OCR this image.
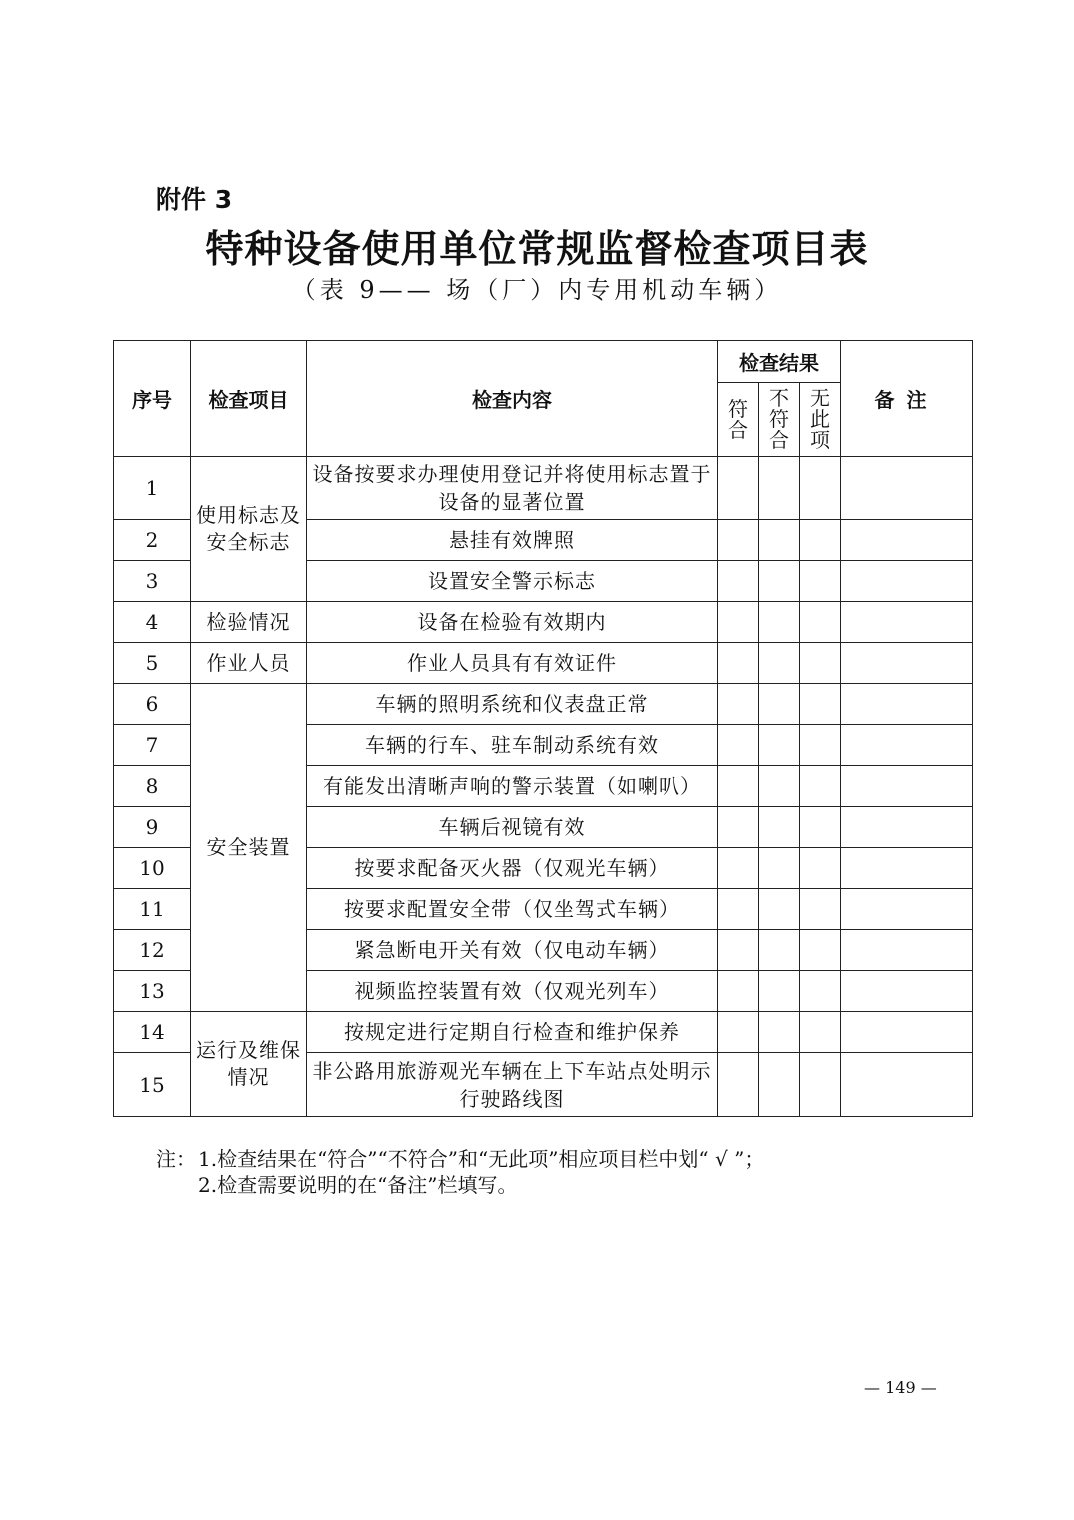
附件 3
特种设备使用单位常规监督检查项目表
（表 9—— 场（厂）内专用机动车辆）
序号	检查项目	检查内容	检查结果			备注
			符合	不符合	无此项	
1	使用标志及安全标志	设备按要求办理使用登记并将使用标志置于设备的显著位置				
2		悬挂有效牌照				
3		设置安全警示标志				
4	检验情况	设备在检验有效期内				
5	作业人员	作业人员具有有效证件				
6	安全装置	车辆的照明系统和仪表盘正常				
7		车辆的行车、驻车制动系统有效				
8		有能发出清晰声响的警示装置（如喇叭）				
9		车辆后视镜有效				
10		按要求配备灭火器（仅观光车辆）				
11		按要求配置安全带（仅坐驾式车辆）				
12		紧急断电开关有效（仅电动车辆）				
13		视频监控装置有效（仅观光列车）				
14	运行及维保情况	按规定进行定期自行检查和维护保养				
15		非公路用旅游观光车辆在上下车站点处明示行驶路线图				
注： 1.检查结果在“符合”“不符合”和“无此项”相应项目栏中划“ √ ”；
2.检查需要说明的在“备注”栏填写。
— 149 —
